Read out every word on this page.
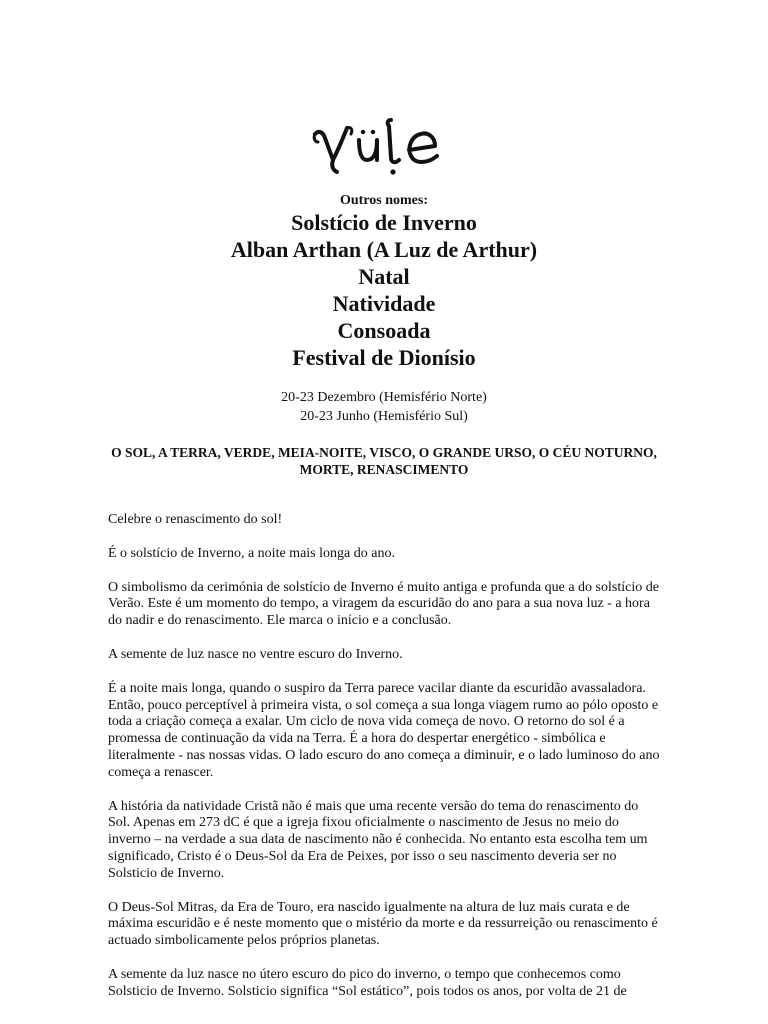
Outros nomes:
Solstício de Inverno
Alban Arthan (A Luz de Arthur)
Natal
Natividade
Consoada
Festival de Dionísio
20-23 Dezembro (Hemisfério Norte)
20-23 Junho (Hemisfério Sul)
O SOL, A TERRA, VERDE, MEIA-NOITE, VISCO, O GRANDE URSO, O CÉU NOTURNO, MORTE, RENASCIMENTO

Celebre o renascimento do sol!

É o solstício de Inverno, a noite mais longa do ano.

O simbolismo da cerimónia de solstício de Inverno é muito antiga e profunda que a do solstício de Verão. Este é um momento do tempo, a viragem da escuridão do ano para a sua nova luz - a hora do nadir e do renascimento. Ele marca o início e a conclusão.

A semente de luz nasce no ventre escuro do Inverno.

É a noite mais longa, quando o suspiro da Terra parece vacilar diante da escuridão avassaladora. Então, pouco perceptível à primeira vista, o sol começa a sua longa viagem rumo ao pólo oposto e toda a criação começa a exalar. Um ciclo de nova vida começa de novo. O retorno do sol é a promessa de continuação da vida na Terra. É a hora do despertar energético - simbólica e literalmente - nas nossas vidas. O lado escuro do ano começa a diminuir, e o lado luminoso do ano começa a renascer.

A história da natividade Cristã não é mais que uma recente versão do tema do renascimento do Sol. Apenas em 273 dC é que a igreja fixou oficialmente o nascimento de Jesus no meio do inverno – na verdade a sua data de nascimento não é conhecida. No entanto esta escolha tem um significado, Cristo é o Deus-Sol da Era de Peixes, por isso o seu nascimento deveria ser no Solsticio de Inverno.

O Deus-Sol Mitras, da Era de Touro, era nascido igualmente na altura de luz mais curata e de máxima escuridão e é neste momento que o mistério da morte e da ressurreição ou renascimento é actuado simbolicamente pelos próprios planetas.

A semente da luz nasce no útero escuro do pico do inverno, o tempo que conhecemos como Solsticio de Inverno. Solsticio significa “Sol estático”, pois todos os anos, por volta de 21 de
